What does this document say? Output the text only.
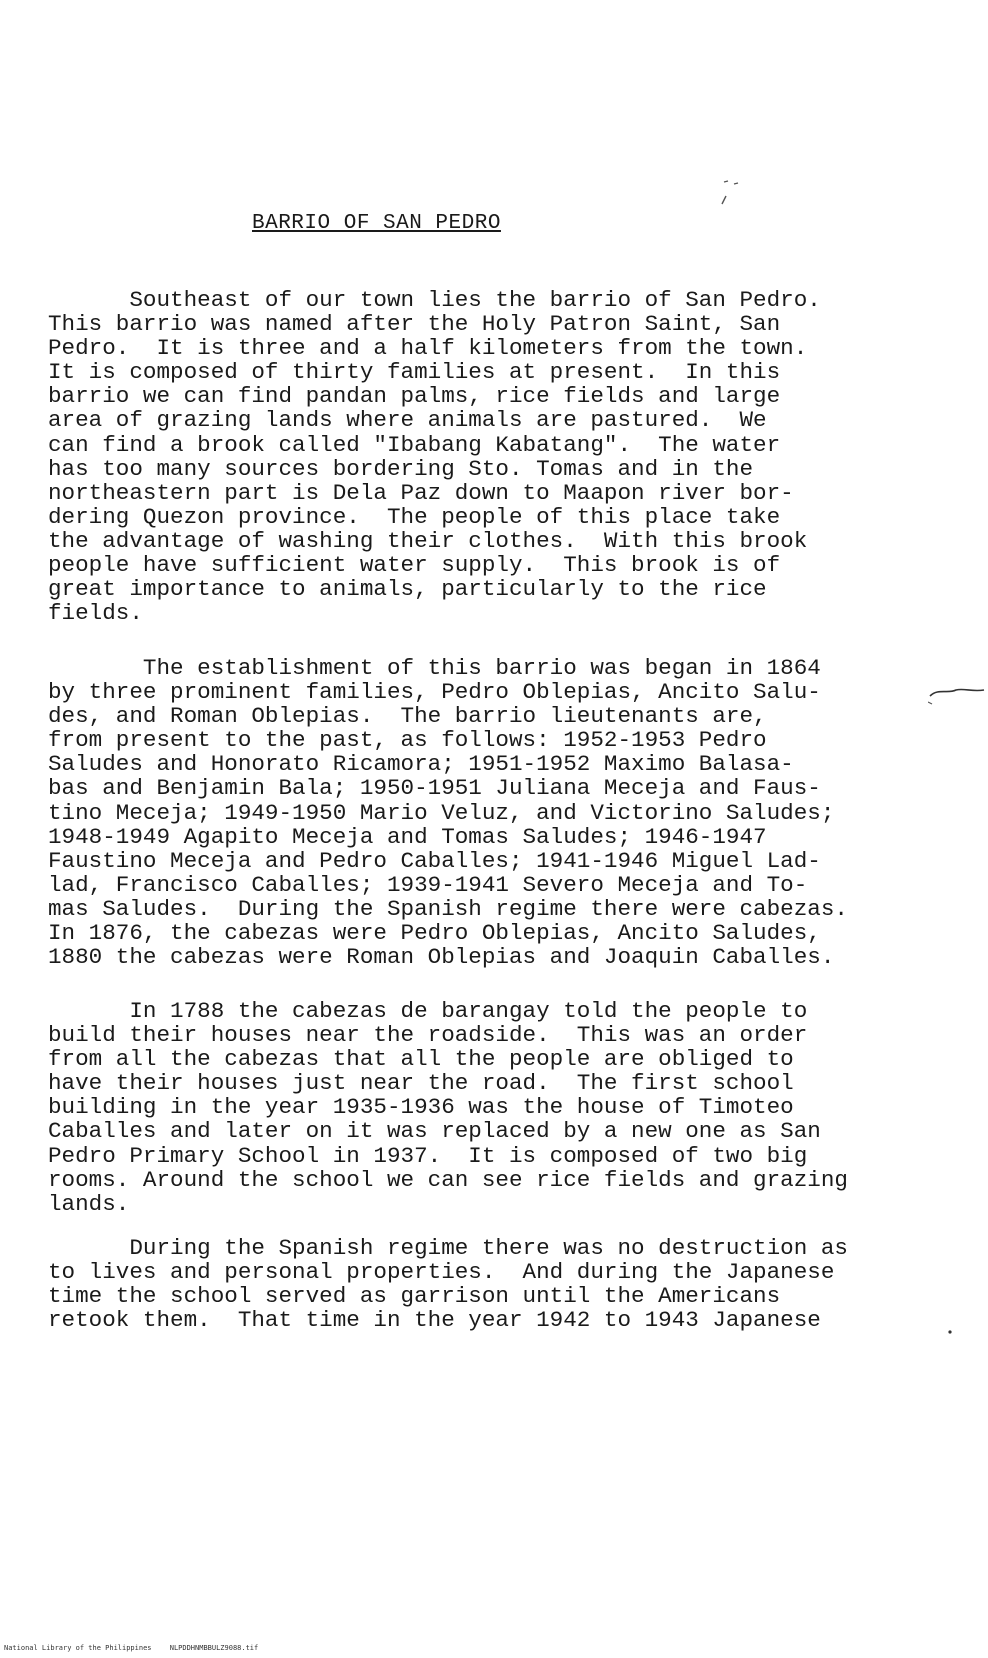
BARRIO OF SAN PEDRO

Southeast of our town lies the barrio of San Pedro.
This barrio was named after the Holy Patron Saint, San
Pedro.  It is three and a half kilometers from the town.
It is composed of thirty families at present.  In this
barrio we can find pandan palms, rice fields and large
area of grazing lands where animals are pastured.  We
can find a brook called "Ibabang Kabatang".  The water
has too many sources bordering Sto. Tomas and in the
northeastern part is Dela Paz down to Maapon river bor-
dering Quezon province.  The people of this place take
the advantage of washing their clothes.  With this brook
people have sufficient water supply.  This brook is of
great importance to animals, particularly to the rice
fields.

The establishment of this barrio was began in 1864
by three prominent families, Pedro Oblepias, Ancito Salu-
des, and Roman Oblepias.  The barrio lieutenants are,
from present to the past, as follows: 1952-1953 Pedro
Saludes and Honorato Ricamora; 1951-1952 Maximo Balasa-
bas and Benjamin Bala; 1950-1951 Juliana Meceja and Faus-
tino Meceja; 1949-1950 Mario Veluz, and Victorino Saludes;
1948-1949 Agapito Meceja and Tomas Saludes; 1946-1947
Faustino Meceja and Pedro Caballes; 1941-1946 Miguel Lad-
lad, Francisco Caballes; 1939-1941 Severo Meceja and To-
mas Saludes.  During the Spanish regime there were cabezas.
In 1876, the cabezas were Pedro Oblepias, Ancito Saludes,
1880 the cabezas were Roman Oblepias and Joaquin Caballes.

In 1788 the cabezas de barangay told the people to
build their houses near the roadside.  This was an order
from all the cabezas that all the people are obliged to
have their houses just near the road.  The first school
building in the year 1935-1936 was the house of Timoteo
Caballes and later on it was replaced by a new one as San
Pedro Primary School in 1937.  It is composed of two big
rooms. Around the school we can see rice fields and grazing
lands.

During the Spanish regime there was no destruction as
to lives and personal properties.  And during the Japanese
time the school served as garrison until the Americans
retook them.  That time in the year 1942 to 1943 Japanese

National Library of the Philippines	NLPDDHNMBBULZ9088.tif
